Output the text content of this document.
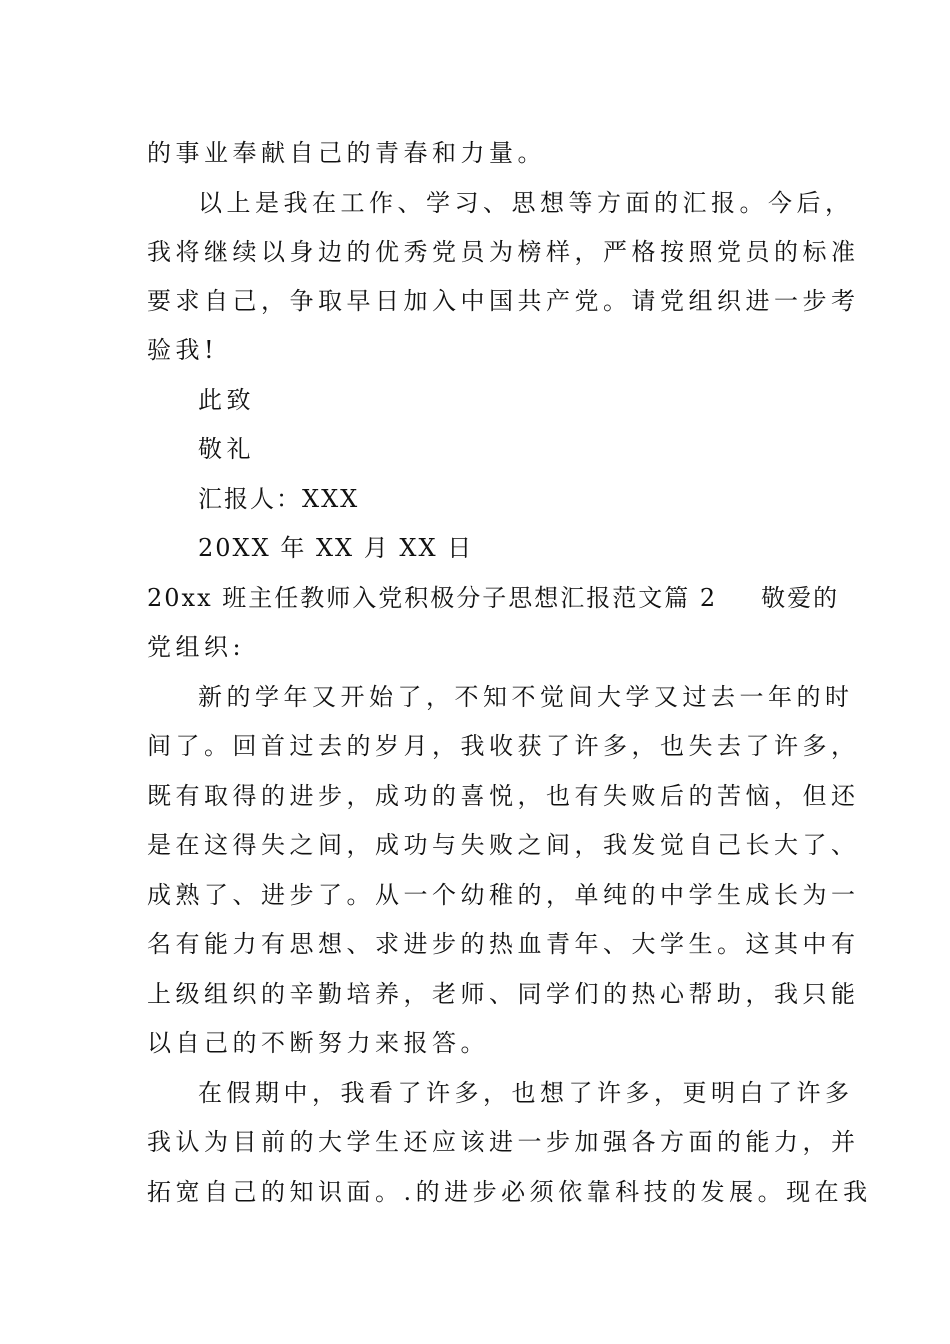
的事业奉献自己的青春和力量。
以上是我在工作、学习、思想等方面的汇报。今后，
我将继续以身边的优秀党员为榜样，严格按照党员的标准
要求自己，争取早日加入中国共产党。请党组织进一步考
验我!
此致
敬礼
汇报人：XXX
20XX 年 XX 月 XX 日
20xx 班主任教师入党积极分子思想汇报范文篇 2 敬爱的
党组织:
新的学年又开始了，不知不觉间大学又过去一年的时
间了。回首过去的岁月，我收获了许多，也失去了许多，
既有取得的进步，成功的喜悦，也有失败后的苦恼，但还
是在这得失之间，成功与失败之间，我发觉自己长大了、
成熟了、进步了。从一个幼稚的，单纯的中学生成长为一
名有能力有思想、求进步的热血青年、大学生。这其中有
上级组织的辛勤培养，老师、同学们的热心帮助，我只能
以自己的不断努力来报答。
在假期中，我看了许多，也想了许多，更明白了许多
我认为目前的大学生还应该进一步加强各方面的能力，并
拓宽自己的知识面。.的进步必须依靠科技的发展。现在我
